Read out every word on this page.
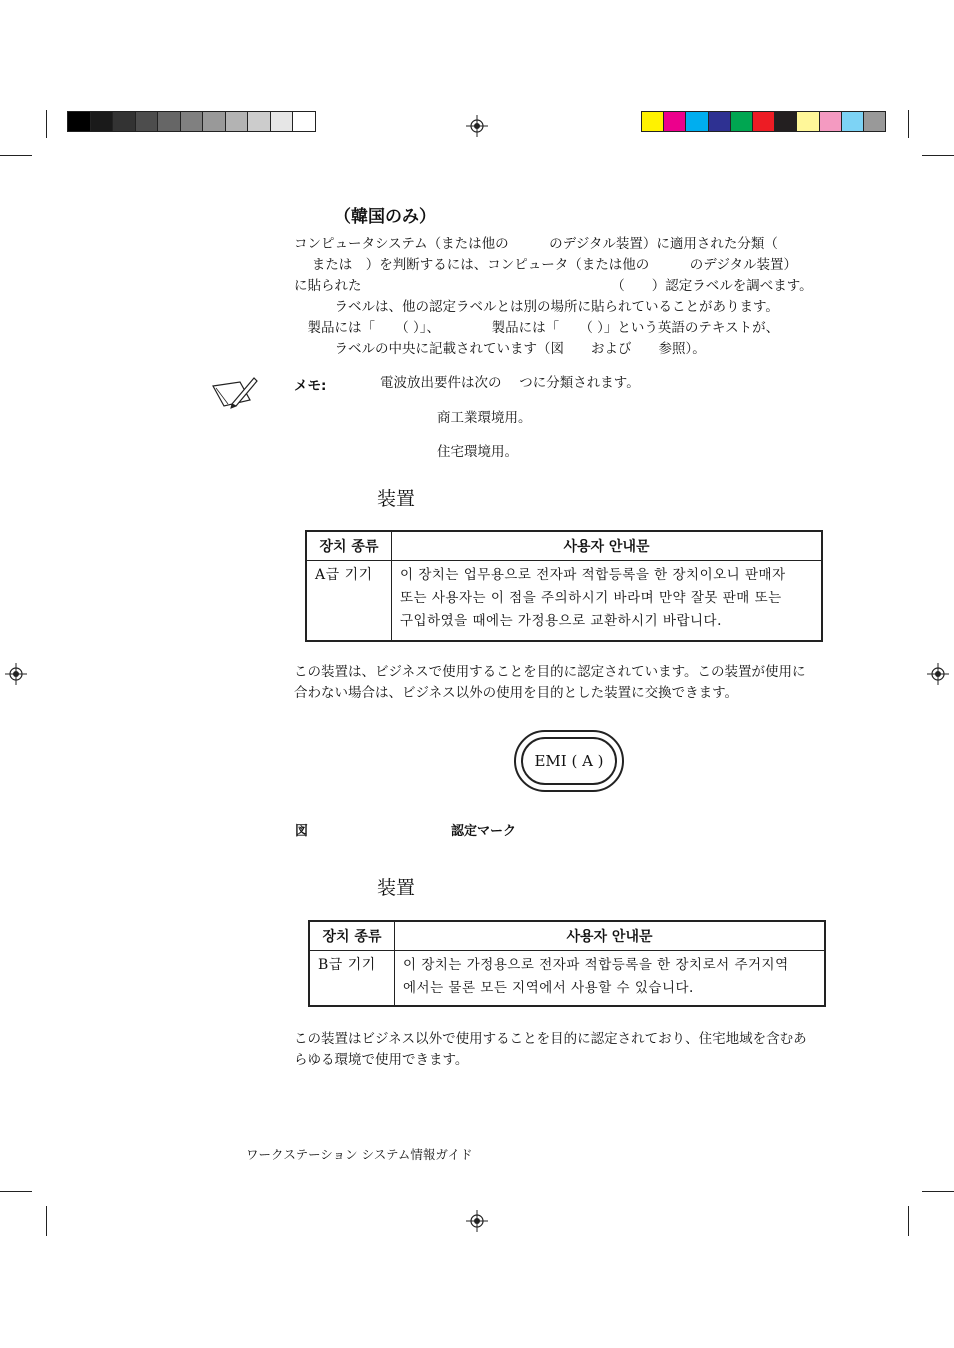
（韓国のみ）
コンピュータシステム（または他の　　　のデジタル装置）に適用された分類（
　 または　）を判断するには、コンピュータ（または他の　　　のデジタル装置）
に貼られた　　　　　　　　　　　　　　　　　　　（　　）認定ラベルを調べます。
　　　ラベルは、他の認定ラベルとは別の場所に貼られていることがあります。
　製品には「　　（ ）」、　　　　 製品には「　　（ ）」という英語のテキストが、
　　　ラベルの中央に記載されています（図　　および　　参照）。
メモ:	電波放出要件は次の　 つに分類されます。
商工業環境用。
住宅環境用。
装置
장치 종류	사용자 안내문
A급 기기	이 장치는 업무용으로 전자파 적합등록을 한 장치이오니 판매자
또는 사용자는 이 점을 주의하시기 바라며 만약 잘못 판매 또는
구입하였을 때에는 가정용으로 교환하시기 바랍니다.
この装置は、ビジネスで使用することを目的に認定されています。この装置が使用に
合わない場合は、ビジネス以外の使用を目的とした装置に交換できます。
EMI ( A )
図	認定マーク
装置
장치 종류	사용자 안내문
B급 기기	이 장치는 가정용으로 전자파 적합등록을 한 장치로서 주거지역
에서는 물론 모든 지역에서 사용할 수 있습니다.
この装置はビジネス以外で使用することを目的に認定されており、住宅地域を含むあ
らゆる環境で使用できます。
ワークステーション システム情報ガイド
